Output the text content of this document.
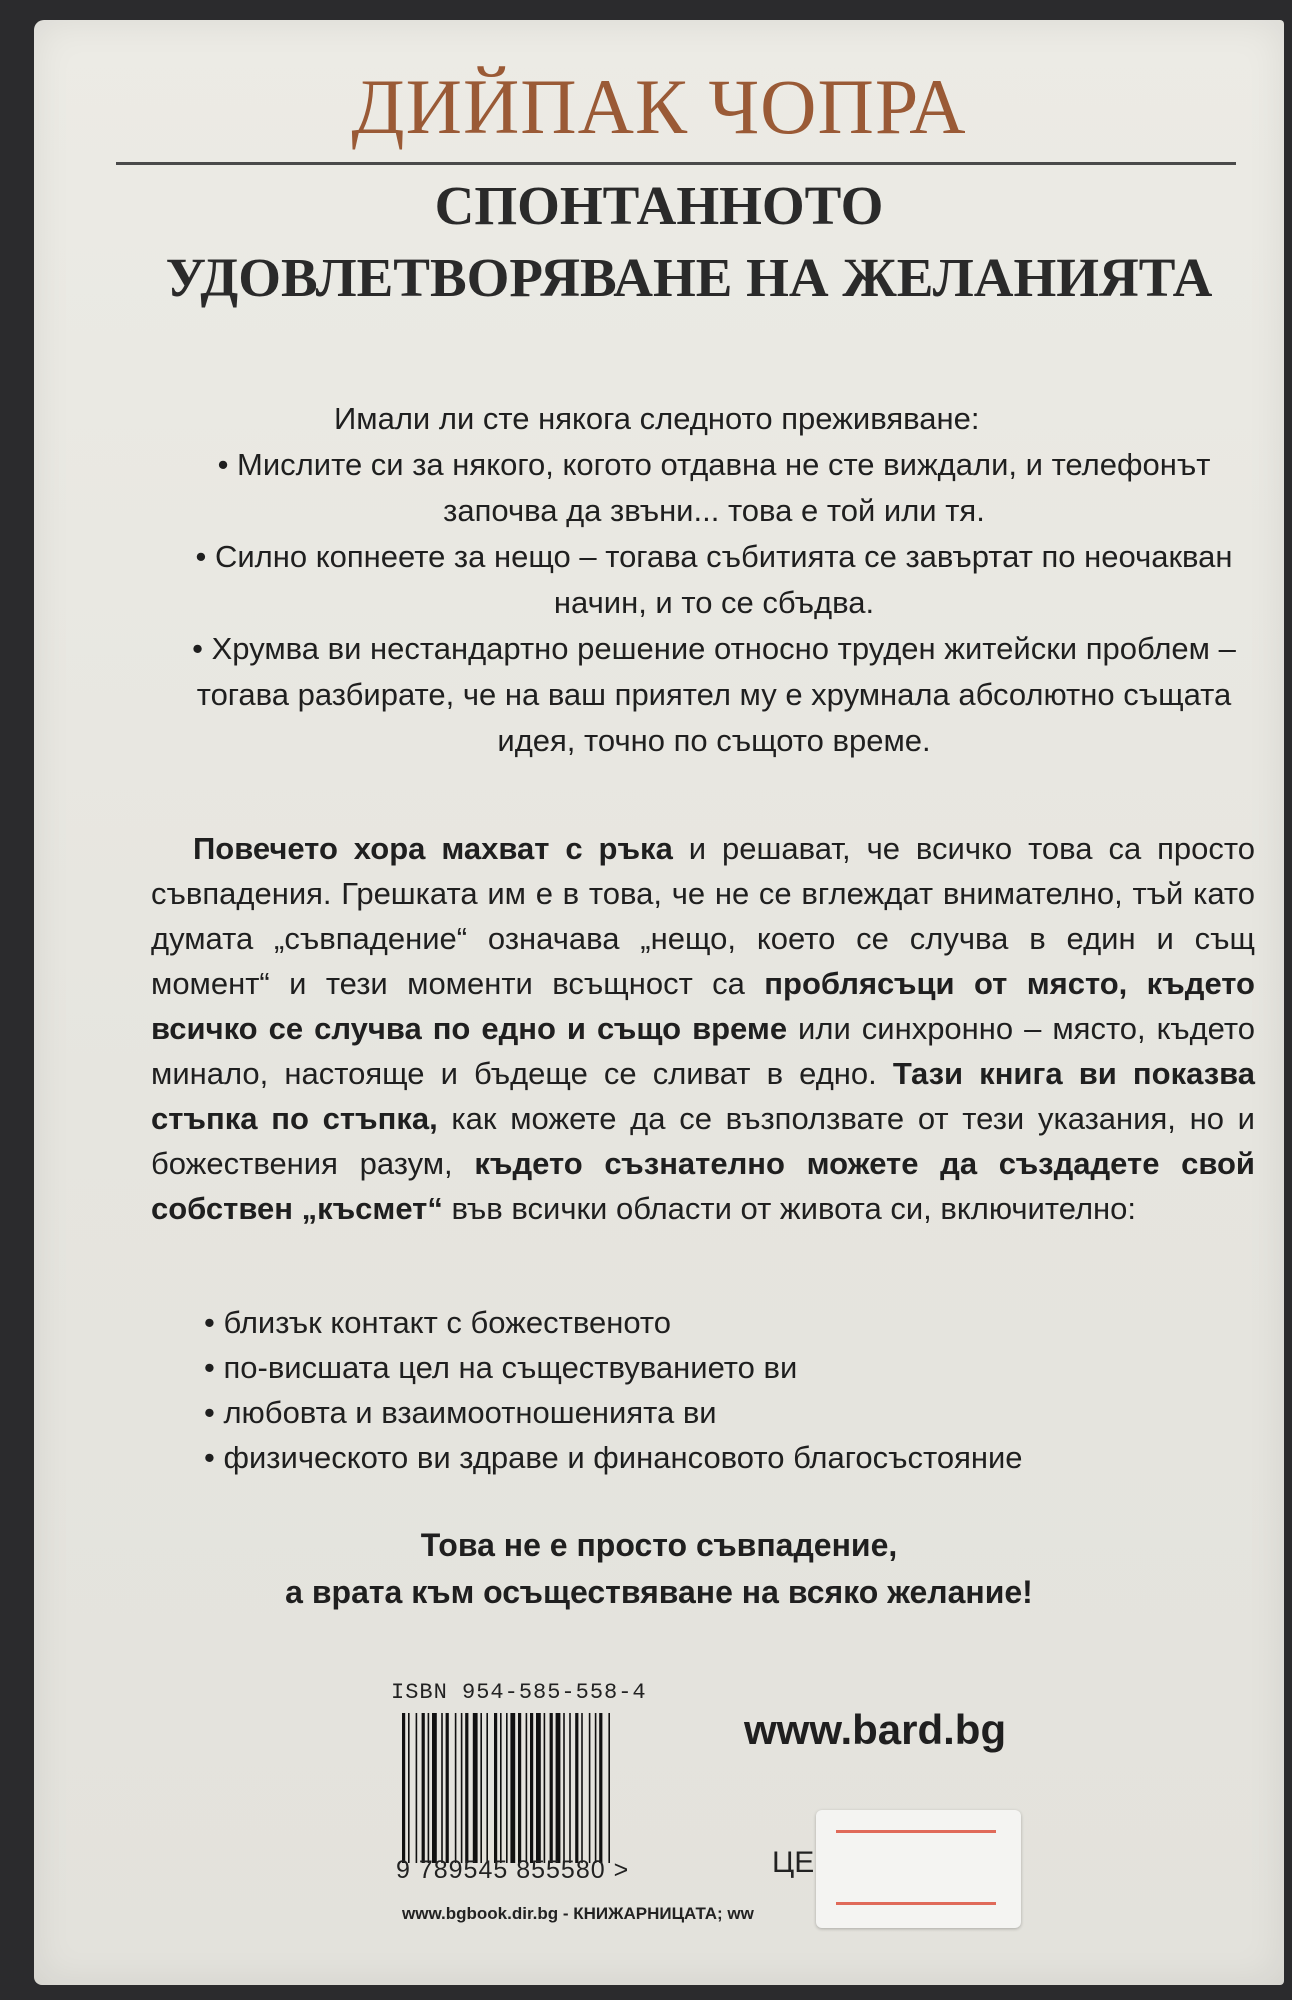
ДИЙПАК ЧОПРА
СПОНТАННОТО
УДОВЛЕТВОРЯВАНЕ НА ЖЕЛАНИЯТА
Имали ли сте някога следното преживяване:
• Мислите си за някого, когото отдавна не сте виждали, и телефонът започва да звъни... това е той или тя.
• Силно копнеете за нещо – тогава събитията се завъртат по неочакван начин, и то се сбъдва.
• Хрумва ви нестандартно решение относно труден житейски проблем – тогава разбирате, че на ваш приятел му е хрумнала абсолютно същата идея, точно по същото време.

Повечето хора махват с ръка и решават, че всичко това са просто съвпадения. Грешката им е в това, че не се вглеждат внимателно, тъй като думата „съвпадение“ означава „нещо, което се случва в един и същ момент“ и тези моменти всъщност са проблясъци от място, където всичко се случва по едно и също време или синхронно – място, където минало, настояще и бъдеще се сливат в едно. Тази книга ви показва стъпка по стъпка, как можете да се възползвате от тези указания, но и божествения разум, където съзнателно можете да създадете свой собствен „късмет“ във всички области от живота си, включително:

• близък контакт с божественото
• по-висшата цел на съществуванието ви
• любовта и взаимоотношенията ви
• физическото ви здраве и финансовото благосъстояние
Това не е просто съвпадение,
а врата към осъществяване на всяко желание!
ISBN 954-585-558-4
9 789545 855580 >
www.bard.bg
ЦЕ
www.bgbook.dir.bg - КНИЖАРНИЦАТА; ww
